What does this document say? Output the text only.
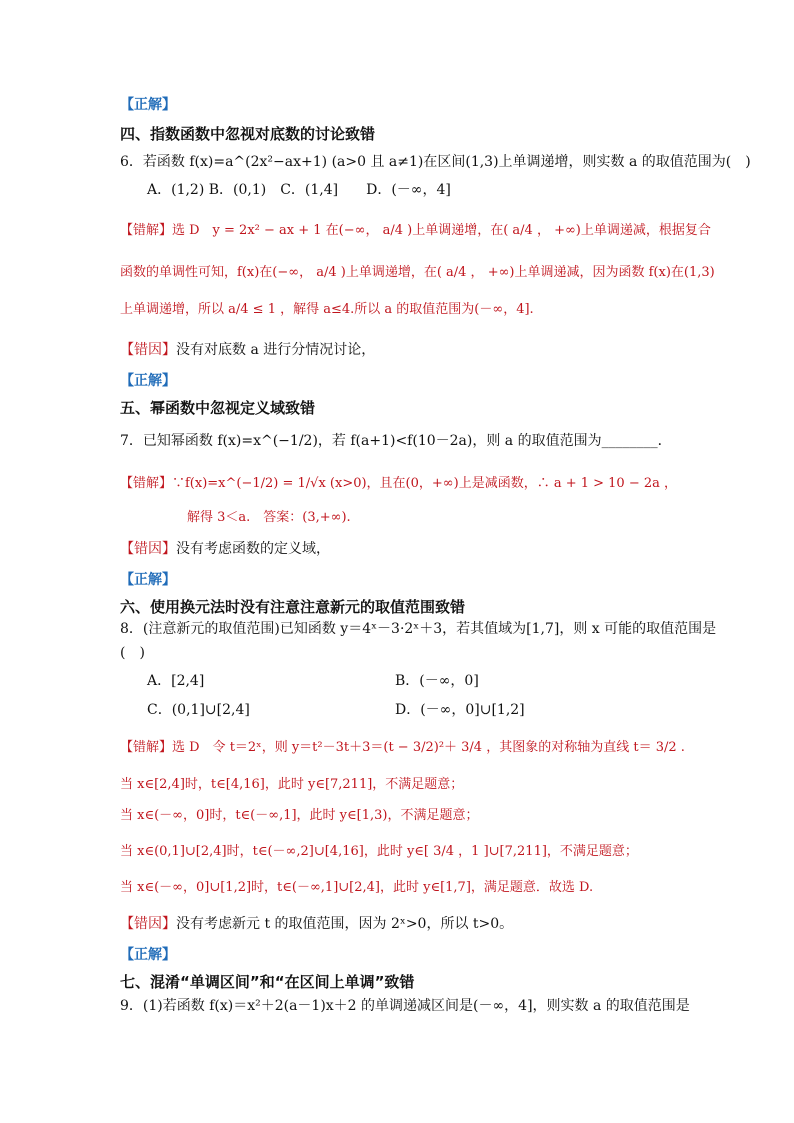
【正解】
四、指数函数中忽视对底数的讨论致错
6．若函数 f(x)=a^(2x²−ax+1) (a>0 且 a≠1)在区间(1,3)上单调递增，则实数 a 的取值范围为(　)
A．(1,2) B．(0,1)　C．(1,4]　　D．(－∞，4]
【错解】选 D　y = 2x² − ax + 1 在(−∞， a/4 )上单调递增，在( a/4 ， +∞)上单调递减，根据复合
函数的单调性可知，f(x)在(−∞， a/4 )上单调递增，在( a/4 ， +∞)上单调递减，因为函数 f(x)在(1,3)
上单调递增，所以 a/4 ≤ 1 ，解得 a≤4.所以 a 的取值范围为(－∞，4].
【错因】没有对底数 a 进行分情况讨论，
【正解】
五、幂函数中忽视定义域致错
7．已知幂函数 f(x)=x^(−1/2)，若 f(a+1)<f(10－2a)，则 a 的取值范围为________．
【错解】∵f(x)=x^(−1/2) = 1/√x (x>0)，且在(0，+∞)上是减函数，∴ a + 1 > 10 − 2a ，
解得 3＜a.　答案：(3,+∞).
【错因】没有考虑函数的定义域，
【正解】
六、使用换元法时没有注意注意新元的取值范围致错
8．(注意新元的取值范围)已知函数 y＝4ˣ－3·2ˣ＋3，若其值域为[1,7]，则 x 可能的取值范围是
(　)
A．[2,4]	B．(－∞，0]
C．(0,1]∪[2,4]	D．(－∞，0]∪[1,2]
【错解】选 D　令 t＝2ˣ，则 y＝t²－3t＋3＝(t − 3/2)²＋ 3/4 ，其图象的对称轴为直线 t＝ 3/2 .
当 x∈[2,4]时，t∈[4,16]，此时 y∈[7,211]，不满足题意；
当 x∈(－∞，0]时，t∈(－∞,1]，此时 y∈[1,3)，不满足题意；
当 x∈(0,1]∪[2,4]时，t∈(－∞,2]∪[4,16]，此时 y∈[ 3/4 ，1 ]∪[7,211]，不满足题意；
当 x∈(－∞，0]∪[1,2]时，t∈(－∞,1]∪[2,4]，此时 y∈[1,7]，满足题意．故选 D.
【错因】没有考虑新元 t 的取值范围，因为 2ˣ>0，所以 t>0。
【正解】
七、混淆“单调区间”和“在区间上单调”致错
9．(1)若函数 f(x)＝x²＋2(a－1)x＋2 的单调递减区间是(－∞，4]，则实数 a 的取值范围是
